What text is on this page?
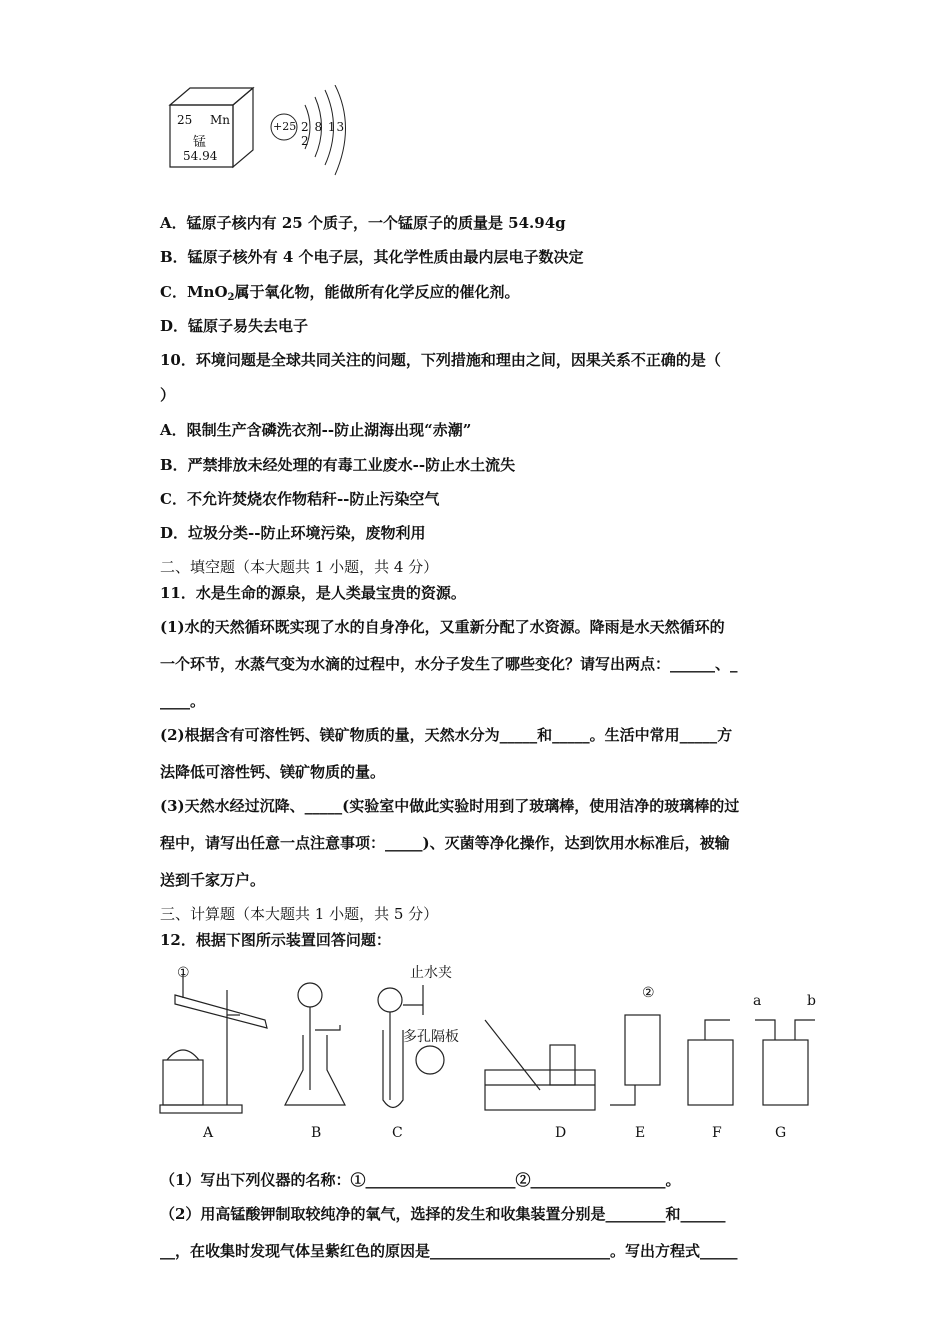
25 Mn
锰
54.94
+25 2 8 13 2
A．锰原子核内有 25 个质子，一个锰原子的质量是 54.94g
B．锰原子核外有 4 个电子层，其化学性质由最内层电子数决定
C．MnO$_2$属于氧化物，能做所有化学反应的催化剂。
D．锰原子易失去电子
10．环境问题是全球共同关注的问题，下列措施和理由之间，因果关系不正确的是（
）
A．限制生产含磷洗衣剂--防止湖海出现“赤潮”
B．严禁排放未经处理的有毒工业废水--防止水土流失
C．不允许焚烧农作物秸秆--防止污染空气
D．垃圾分类--防止环境污染，废物利用
二、填空题（本大题共 1 小题，共 4 分）
11．水是生命的源泉，是人类最宝贵的资源。
(1)水的天然循环既实现了水的自身净化，又重新分配了水资源。降雨是水天然循环的
一个环节，水蒸气变为水滴的过程中，水分子发生了哪些变化？请写出两点：______、_
____。
(2)根据含有可溶性钙、镁矿物质的量，天然水分为_____和_____。生活中常用_____方
法降低可溶性钙、镁矿物质的量。
(3)天然水经过沉降、_____(实验室中做此实验时用到了玻璃棒，使用洁净的玻璃棒的过
程中，请写出任意一点注意事项：_____)、灭菌等净化操作，达到饮用水标准后，被输
送到千家万户。
三、计算题（本大题共 1 小题，共 5 分）
12．根据下图所示装置回答问题：
①
②
止水夹
多孔隔板
a	b
A	B	C	D	E	F	G
（1）写出下列仪器的名称：①____________________②__________________。
（2）用高锰酸钾制取较纯净的氧气，选择的发生和收集装置分别是________和______
__，在收集时发现气体呈紫红色的原因是________________________。写出方程式_____
